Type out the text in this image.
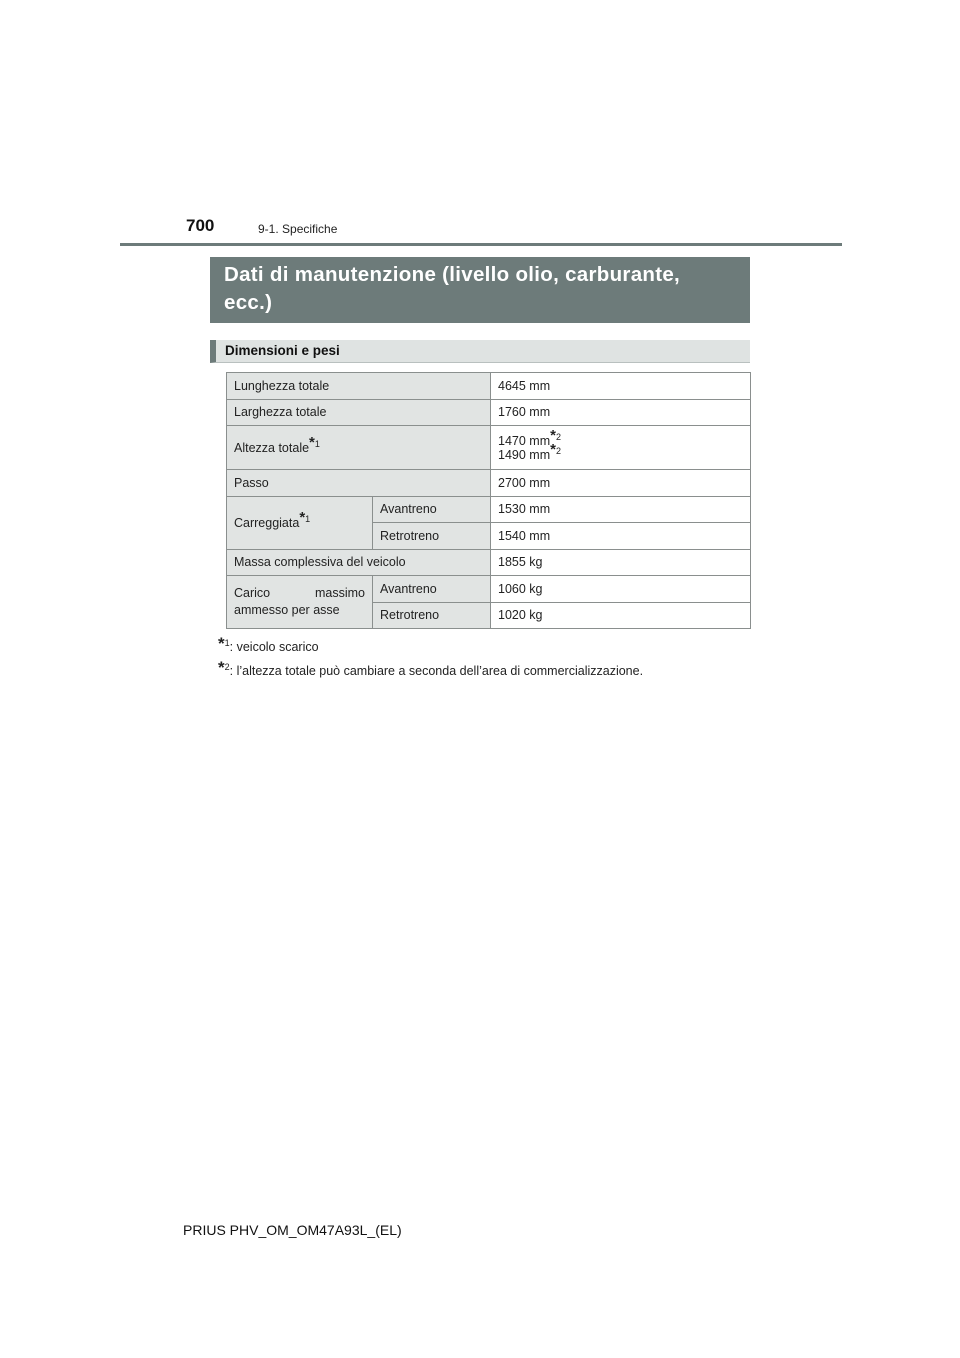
700	9-1. Specifiche
Dati di manutenzione (livello olio, carburante,
ecc.)
Dimensioni e pesi
Lunghezza totale		4645 mm
Larghezza totale		1760 mm
Altezza totale*1		1470 mm*2
1490 mm*2

Passo		2700 mm
Carreggiata*1	Avantreno	1530 mm
	Retrotreno	1540 mm
Massa complessiva del veicolo		1855 kg
Carico massimo ammesso per asse	Avantreno	1060 kg
	Retrotreno	1020 kg
*$^1$: veicolo scarico
*$^2$: l’altezza totale può cambiare a seconda dell’area di commercializzazione.
PRIUS PHV_OM_OM47A93L_(EL)
